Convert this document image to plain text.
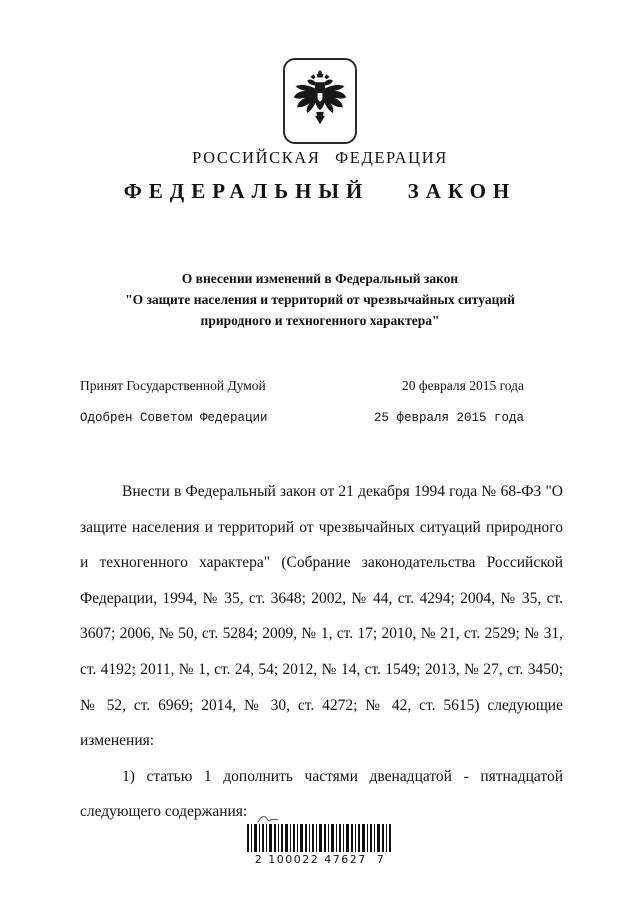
РОССИЙСКАЯ ФЕДЕРАЦИЯ
ФЕДЕРАЛЬНЫЙ ЗАКОН
О внесении изменений в Федеральный закон
"О защите населения и территорий от чрезвычайных ситуаций
природного и техногенного характера"
Принят Государственной Думой	20 февраля 2015 года
Одобрен Советом Федерации	25 февраля 2015 года

Внести в Федеральный закон от 21 декабря 1994 года № 68-ФЗ "О защите населения и территорий от чрезвычайных ситуаций природного и техногенного характера" (Собрание законодательства Российской Федерации, 1994, № 35, ст. 3648; 2002, № 44, ст. 4294; 2004, № 35, ст. 3607; 2006, № 50, ст. 5284; 2009, № 1, ст. 17; 2010, № 21, ст. 2529; № 31, ст. 4192; 2011, № 1, ст. 24, 54; 2012, № 14, ст. 1549; 2013, № 27, ст. 3450; № 52, ст. 6969; 2014, № 30, ст. 4272; № 42, ст. 5615) следующие изменения:

1) статью 1 дополнить частями двенадцатой - пятнадцатой следующего содержания:

2 100022 47627  7
